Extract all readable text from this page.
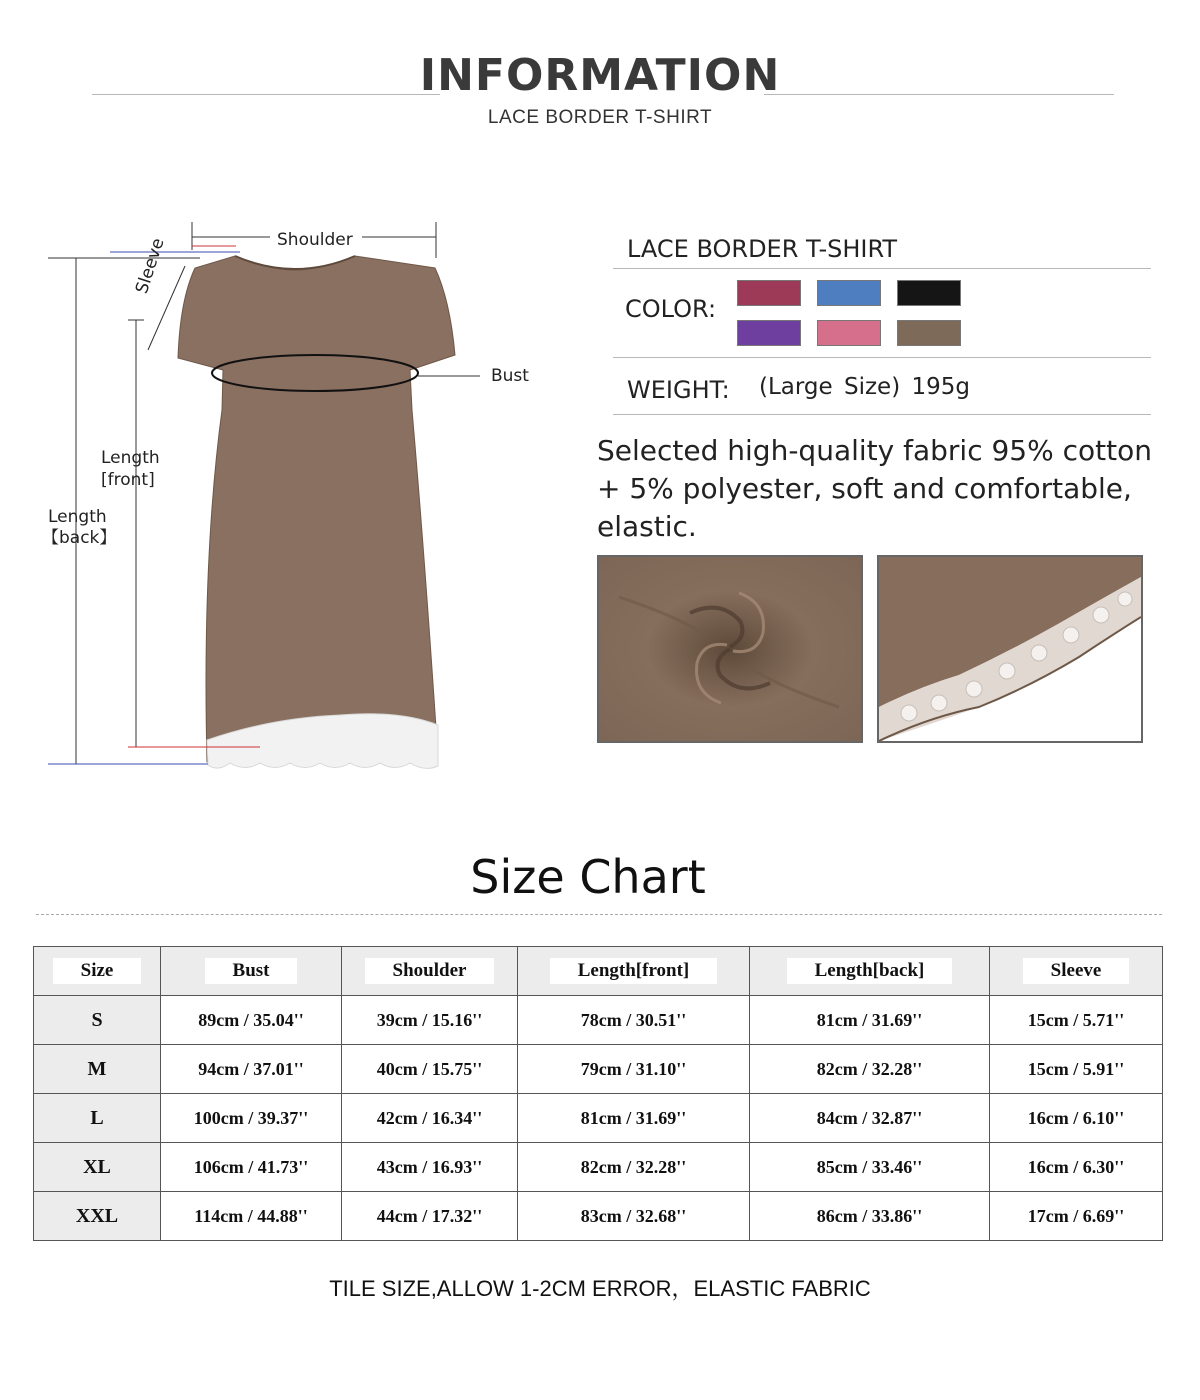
INFORMATION
LACE BORDER T-SHIRT
Shoulder
Sleeve
Bust
Length
[front]
Length
【back】
LACE BORDER T-SHIRT
COLOR:
WEIGHT: (Large Size) 195g
Selected high-quality fabric 95% cotton + 5% polyester, soft and comfortable, elastic.
Size Chart
Size	Bust	Shoulder	Length[front]	Length[back]	Sleeve
S	89cm / 35.04''	39cm / 15.16''	78cm / 30.51''	81cm / 31.69''	15cm / 5.71''
M	94cm / 37.01''	40cm / 15.75''	79cm / 31.10''	82cm / 32.28''	15cm / 5.91''
L	100cm / 39.37''	42cm / 16.34''	81cm / 31.69''	84cm / 32.87''	16cm / 6.10''
XL	106cm / 41.73''	43cm / 16.93''	82cm / 32.28''	85cm / 33.46''	16cm / 6.30''
XXL	114cm / 44.88''	44cm / 17.32''	83cm / 32.68''	86cm / 33.86''	17cm / 6.69''
TILE SIZE,ALLOW 1-2CM ERROR，ELASTIC FABRIC
